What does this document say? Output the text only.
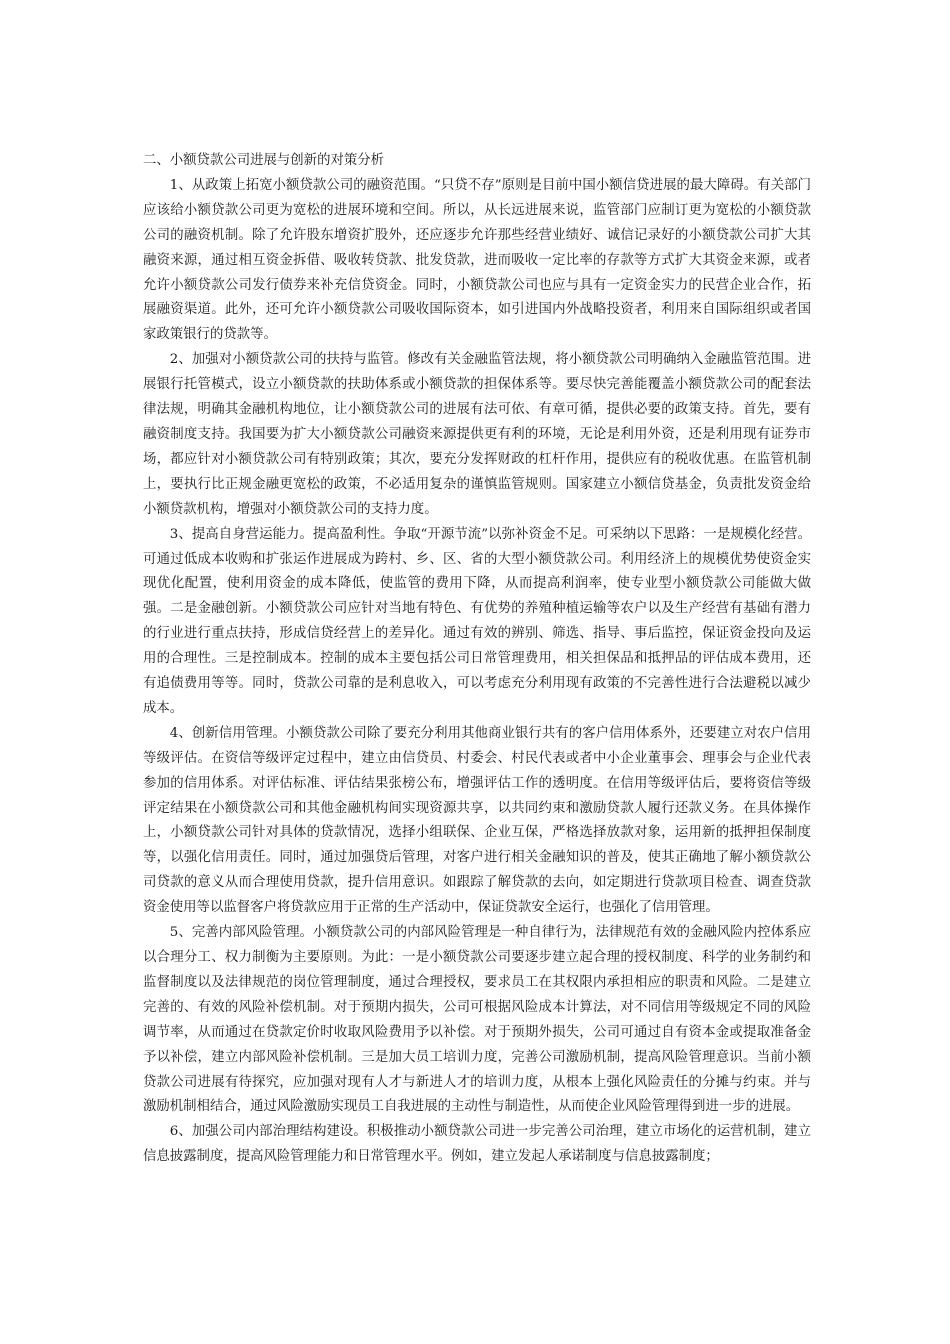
二、小额贷款公司进展与创新的对策分析

1、从政策上拓宽小额贷款公司的融资范围。“只贷不存”原则是目前中国小额信贷进展的最大障碍。有关部门应该给小额贷款公司更为宽松的进展环境和空间。所以，从长远进展来说，监管部门应制订更为宽松的小额贷款公司的融资机制。除了允许股东增资扩股外，还应逐步允许那些经营业绩好、诚信记录好的小额贷款公司扩大其融资来源，通过相互资金拆借、吸收转贷款、批发贷款，进而吸收一定比率的存款等方式扩大其资金来源，或者允许小额贷款公司发行债券来补充信贷资金。同时，小额贷款公司也应与具有一定资金实力的民营企业合作，拓展融资渠道。此外，还可允许小额贷款公司吸收国际资本，如引进国内外战略投资者，利用来自国际组织或者国家政策银行的贷款等。

2、加强对小额贷款公司的扶持与监管。修改有关金融监管法规，将小额贷款公司明确纳入金融监管范围。进展银行托管模式，设立小额贷款的扶助体系或小额贷款的担保体系等。要尽快完善能覆盖小额贷款公司的配套法律法规，明确其金融机构地位，让小额贷款公司的进展有法可依、有章可循，提供必要的政策支持。首先，要有融资制度支持。我国要为扩大小额贷款公司融资来源提供更有利的环境，无论是利用外资，还是利用现有证券市场，都应针对小额贷款公司有特别政策；其次，要充分发挥财政的杠杆作用，提供应有的税收优惠。在监管机制上，要执行比正规金融更宽松的政策，不必适用复杂的谨慎监管规则。国家建立小额信贷基金，负责批发资金给小额贷款机构，增强对小额贷款公司的支持力度。

3、提高自身营运能力。提高盈利性。争取“开源节流”以弥补资金不足。可采纳以下思路：一是规模化经营。可通过低成本收购和扩张运作进展成为跨村、乡、区、省的大型小额贷款公司。利用经济上的规模优势使资金实现优化配置，使利用资金的成本降低，使监管的费用下降，从而提高利润率，使专业型小额贷款公司能做大做强。二是金融创新。小额贷款公司应针对当地有特色、有优势的养殖种植运输等农户以及生产经营有基础有潜力的行业进行重点扶持，形成信贷经营上的差异化。通过有效的辨别、筛选、指导、事后监控，保证资金投向及运用的合理性。三是控制成本。控制的成本主要包括公司日常管理费用，相关担保品和抵押品的评估成本费用，还有追债费用等等。同时，贷款公司靠的是利息收入，可以考虑充分利用现有政策的不完善性进行合法避税以减少成本。

4、创新信用管理。小额贷款公司除了要充分利用其他商业银行共有的客户信用体系外，还要建立对农户信用等级评估。在资信等级评定过程中，建立由信贷员、村委会、村民代表或者中小企业董事会、理事会与企业代表参加的信用体系。对评估标准、评估结果张榜公布，增强评估工作的透明度。在信用等级评估后，要将资信等级评定结果在小额贷款公司和其他金融机构间实现资源共享，以共同约束和激励贷款人履行还款义务。在具体操作上，小额贷款公司针对具体的贷款情况，选择小组联保、企业互保，严格选择放款对象，运用新的抵押担保制度等，以强化信用责任。同时，通过加强贷后管理，对客户进行相关金融知识的普及，使其正确地了解小额贷款公司贷款的意义从而合理使用贷款，提升信用意识。如跟踪了解贷款的去向，如定期进行贷款项目检查、调查贷款资金使用等以监督客户将贷款应用于正常的生产活动中，保证贷款安全运行，也强化了信用管理。

5、完善内部风险管理。小额贷款公司的内部风险管理是一种自律行为，法律规范有效的金融风险内控体系应以合理分工、权力制衡为主要原则。为此：一是小额贷款公司要逐步建立起合理的授权制度、科学的业务制约和监督制度以及法律规范的岗位管理制度，通过合理授权，要求员工在其权限内承担相应的职责和风险。二是建立完善的、有效的风险补偿机制。对于预期内损失，公司可根据风险成本计算法，对不同信用等级规定不同的风险调节率，从而通过在贷款定价时收取风险费用予以补偿。对于预期外损失，公司可通过自有资本金或提取准备金予以补偿，建立内部风险补偿机制。三是加大员工培训力度，完善公司激励机制，提高风险管理意识。当前小额贷款公司进展有待探究，应加强对现有人才与新进人才的培训力度，从根本上强化风险责任的分摊与约束。并与激励机制相结合，通过风险激励实现员工自我进展的主动性与制造性，从而使企业风险管理得到进一步的进展。

6、加强公司内部治理结构建设。积极推动小额贷款公司进一步完善公司治理，建立市场化的运营机制，建立信息披露制度，提高风险管理能力和日常管理水平。例如，建立发起人承诺制度与信息披露制度；
